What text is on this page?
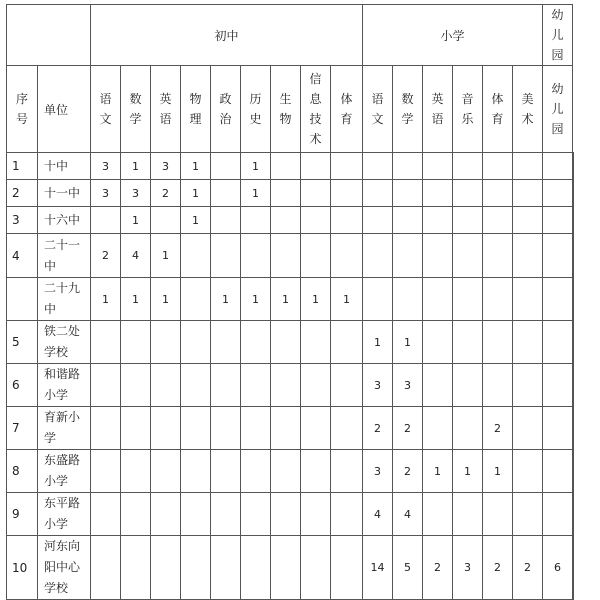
		初中									小学						幼儿园	

序号	单位	语文	数学	英语	物理	政治	历史	生物	信息技术	体育	语文	数学	英语	音乐	体育	美术	幼儿园	

1	十中	3	1	3	1		1											
2	十一中	3	3	2	1		1											
3	十六中		1		1													
4	二十一中	2	4	1														

	二十九中	1	1	1		1	1	1	1	1								
5	铁二处学校										1	1						
6	和谐路小学										3	3						
7	育新小学										2	2			2			
8	东盛路小学										3	2	1	1	1			
9	东平路小学										4	4						
10	河东向阳中心学校										14	5	2	3	2	2	6	
